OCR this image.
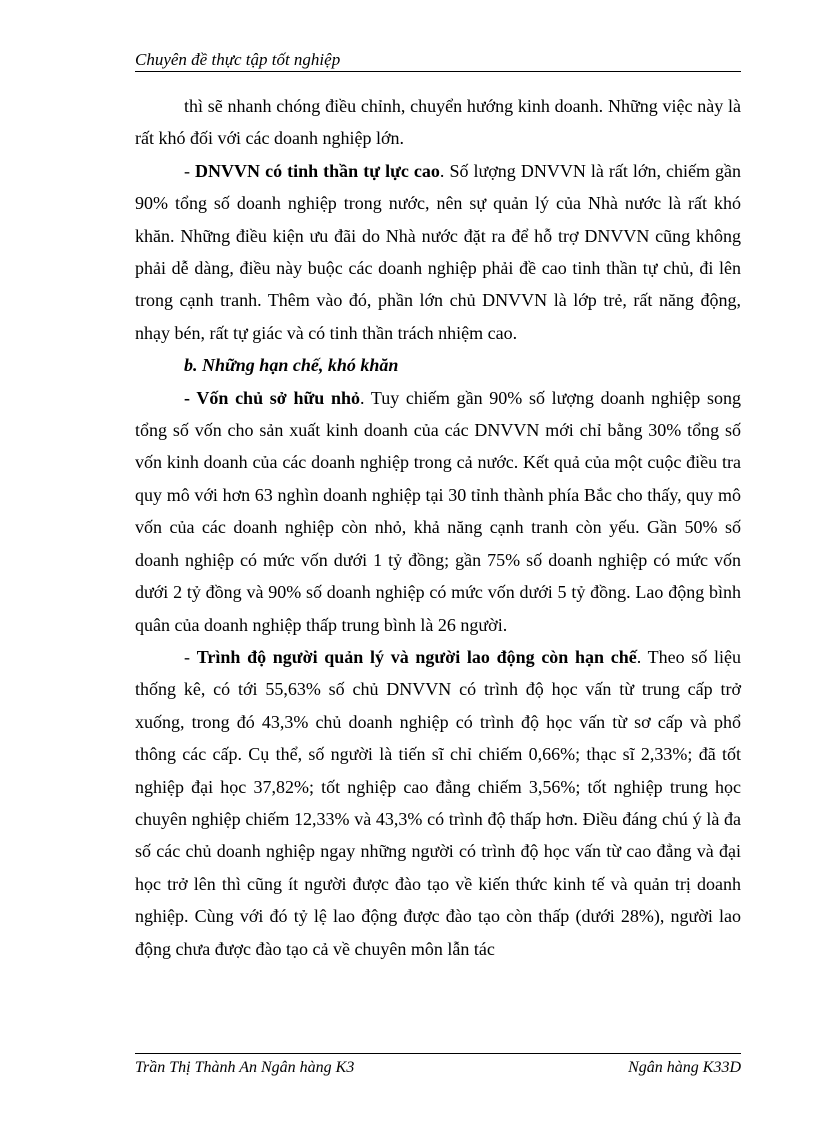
Chuyên đề thực tập tốt nghiệp

thì sẽ nhanh chóng điều chỉnh, chuyển hướng kinh doanh. Những việc này là rất khó đối với các doanh nghiệp lớn.

- DNVVN có tinh thần tự lực cao. Số lượng DNVVN là rất lớn, chiếm gần 90% tổng số doanh nghiệp trong nước, nên sự quản lý của Nhà nước là rất khó khăn. Những điều kiện ưu đãi do Nhà nước đặt ra để hỗ trợ DNVVN cũng không phải dễ dàng, điều này buộc các doanh nghiệp phải đề cao tinh thần tự chủ, đi lên trong cạnh tranh. Thêm vào đó, phần lớn chủ DNVVN là lớp trẻ, rất năng động, nhạy bén, rất tự giác và có tinh thần trách nhiệm cao.

b. Những hạn chế, khó khăn

- Vốn chủ sở hữu nhỏ. Tuy chiếm gần 90% số lượng doanh nghiệp song tổng số vốn cho sản xuất kinh doanh của các DNVVN mới chỉ bằng 30% tổng số vốn kinh doanh của các doanh nghiệp trong cả nước. Kết quả của một cuộc điều tra quy mô với hơn 63 nghìn doanh nghiệp tại 30 tỉnh thành phía Bắc cho thấy, quy mô vốn của các doanh nghiệp còn nhỏ, khả năng cạnh tranh còn yếu. Gần 50% số doanh nghiệp có mức vốn dưới 1 tỷ đồng; gần 75% số doanh nghiệp có mức vốn dưới 2 tỷ đồng và 90% số doanh nghiệp có mức vốn dưới 5 tỷ đồng. Lao động bình quân của doanh nghiệp thấp trung bình là 26 người.

- Trình độ người quản lý và người lao động còn hạn chế. Theo số liệu thống kê, có tới 55,63% số chủ DNVVN có trình độ học vấn từ trung cấp trở xuống, trong đó 43,3% chủ doanh nghiệp có trình độ học vấn từ sơ cấp và phổ thông các cấp. Cụ thể, số người là tiến sĩ chỉ chiếm 0,66%; thạc sĩ 2,33%; đã tốt nghiệp đại học 37,82%; tốt nghiệp cao đẳng chiếm 3,56%; tốt nghiệp trung học chuyên nghiệp chiếm 12,33% và 43,3% có trình độ thấp hơn. Điều đáng chú ý là đa số các chủ doanh nghiệp ngay những người có trình độ học vấn từ cao đẳng và đại học trở lên thì cũng ít người được đào tạo về kiến thức kinh tế và quản trị doanh nghiệp. Cùng với đó tỷ lệ lao động được đào tạo còn thấp (dưới 28%), người lao động chưa được đào tạo cả về chuyên môn lẫn tác

Trần Thị Thành An Ngân hàng K3	Ngân hàng K33D
